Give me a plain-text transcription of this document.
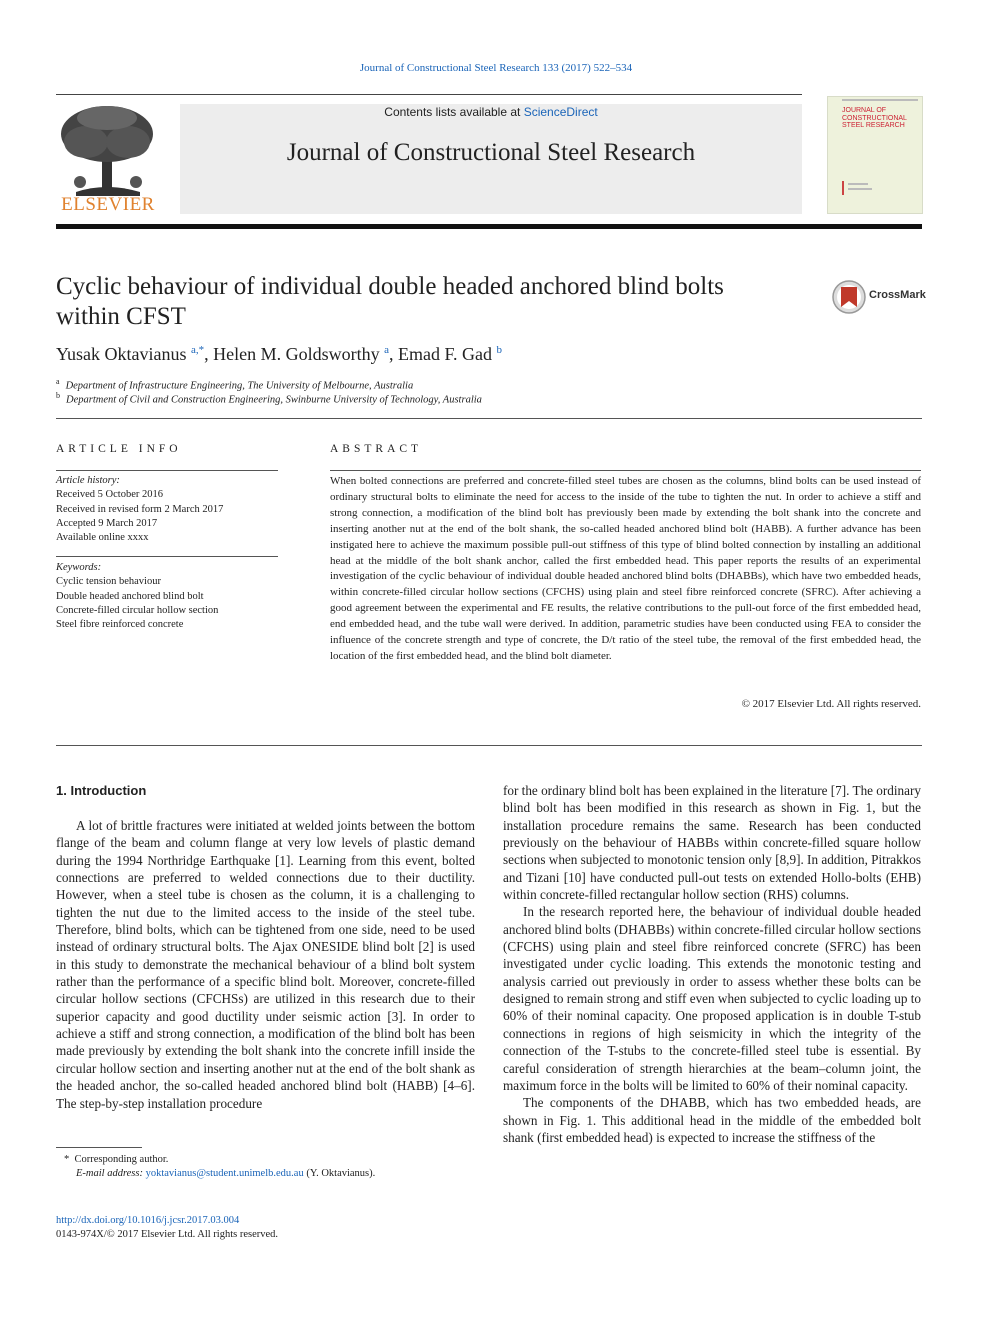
Journal of Constructional Steel Research 133 (2017) 522–534
ELSEVIER
Contents lists available at ScienceDirect
Journal of Constructional Steel Research
JOURNAL OF CONSTRUCTIONAL STEEL RESEARCH
Cyclic behaviour of individual double headed anchored blind bolts within CFST
CrossMark
Yusak Oktavianus $^{a,*}$, Helen M. Goldsworthy $^a$, Emad F. Gad $^b$
$^a$ Department of Infrastructure Engineering, The University of Melbourne, Australia
$^b$ Department of Civil and Construction Engineering, Swinburne University of Technology, Australia
ARTICLE INFO
Article history:
Received 5 October 2016
Received in revised form 2 March 2017
Accepted 9 March 2017
Available online xxxx
Keywords:
Cyclic tension behaviour
Double headed anchored blind bolt
Concrete-filled circular hollow section
Steel fibre reinforced concrete
ABSTRACT
When bolted connections are preferred and concrete-filled steel tubes are chosen as the columns, blind bolts can be used instead of ordinary structural bolts to eliminate the need for access to the inside of the tube to tighten the nut. In order to achieve a stiff and strong connection, a modification of the blind bolt has previously been made by extending the bolt shank into the concrete and inserting another nut at the end of the bolt shank, the so-called headed anchored blind bolt (HABB). A further advance has been instigated here to achieve the maximum possible pull-out stiffness of this type of blind bolted connection by installing an additional head at the middle of the bolt shank anchor, called the first embedded head. This paper reports the results of an experimental investigation of the cyclic behaviour of individual double headed anchored blind bolts (DHABBs), which have two embedded heads, within concrete-filled circular hollow sections (CFCHS) using plain and steel fibre reinforced concrete (SFRC). After achieving a good agreement between the experimental and FE results, the relative contributions to the pull-out force of the first embedded head, end embedded head, and the tube wall were derived. In addition, parametric studies have been conducted using FEA to consider the influence of the concrete strength and type of concrete, the D/t ratio of the steel tube, the removal of the first embedded head, the location of the first embedded head, and the blind bolt diameter.
© 2017 Elsevier Ltd. All rights reserved.
1. Introduction

A lot of brittle fractures were initiated at welded joints between the bottom flange of the beam and column flange at very low levels of plastic demand during the 1994 Northridge Earthquake [1]. Learning from this event, bolted connections are preferred to welded connections due to their ductility. However, when a steel tube is chosen as the column, it is a challenging to tighten the nut due to the limited access to the inside of the steel tube. Therefore, blind bolts, which can be tightened from one side, need to be used instead of ordinary structural bolts. The Ajax ONESIDE blind bolt [2] is used in this study to demonstrate the mechanical behaviour of a blind bolt system rather than the performance of a specific blind bolt. Moreover, concrete-filled circular hollow sections (CFCHSs) are utilized in this research due to their superior capacity and good ductility under seismic action [3]. In order to achieve a stiff and strong connection, a modification of the blind bolt has been made previously by extending the bolt shank into the concrete infill inside the circular hollow section and inserting another nut at the end of the bolt shank as the headed anchor, the so-called headed anchored blind bolt (HABB) [4–6]. The step-by-step installation procedure

for the ordinary blind bolt has been explained in the literature [7]. The ordinary blind bolt has been modified in this research as shown in Fig. 1, but the installation procedure remains the same. Research has been conducted previously on the behaviour of HABBs within concrete-filled square hollow sections when subjected to monotonic tension only [8,9]. In addition, Pitrakkos and Tizani [10] have conducted pull-out tests on extended Hollo-bolts (EHB) within concrete-filled rectangular hollow section (RHS) columns.

In the research reported here, the behaviour of individual double headed anchored blind bolts (DHABBs) within concrete-filled circular hollow sections (CFCHS) using plain and steel fibre reinforced concrete (SFRC) has been investigated under cyclic loading. This extends the monotonic testing and analysis carried out previously in order to assess whether these bolts can be designed to remain strong and stiff even when subjected to cyclic loading up to 60% of their nominal capacity. One proposed application is in double T-stub connections in regions of high seismicity in which the integrity of the connection of the T-stubs to the concrete-filled steel tube is essential. By careful consideration of strength hierarchies at the beam–column joint, the maximum force in the bolts will be limited to 60% of their nominal capacity.

The components of the DHABB, which has two embedded heads, are shown in Fig. 1. This additional head in the middle of the embedded bolt shank (first embedded head) is expected to increase the stiffness of the

*  Corresponding author.
E-mail address: yoktavianus@student.unimelb.edu.au (Y. Oktavianus).
http://dx.doi.org/10.1016/j.jcsr.2017.03.004
0143-974X/© 2017 Elsevier Ltd. All rights reserved.
